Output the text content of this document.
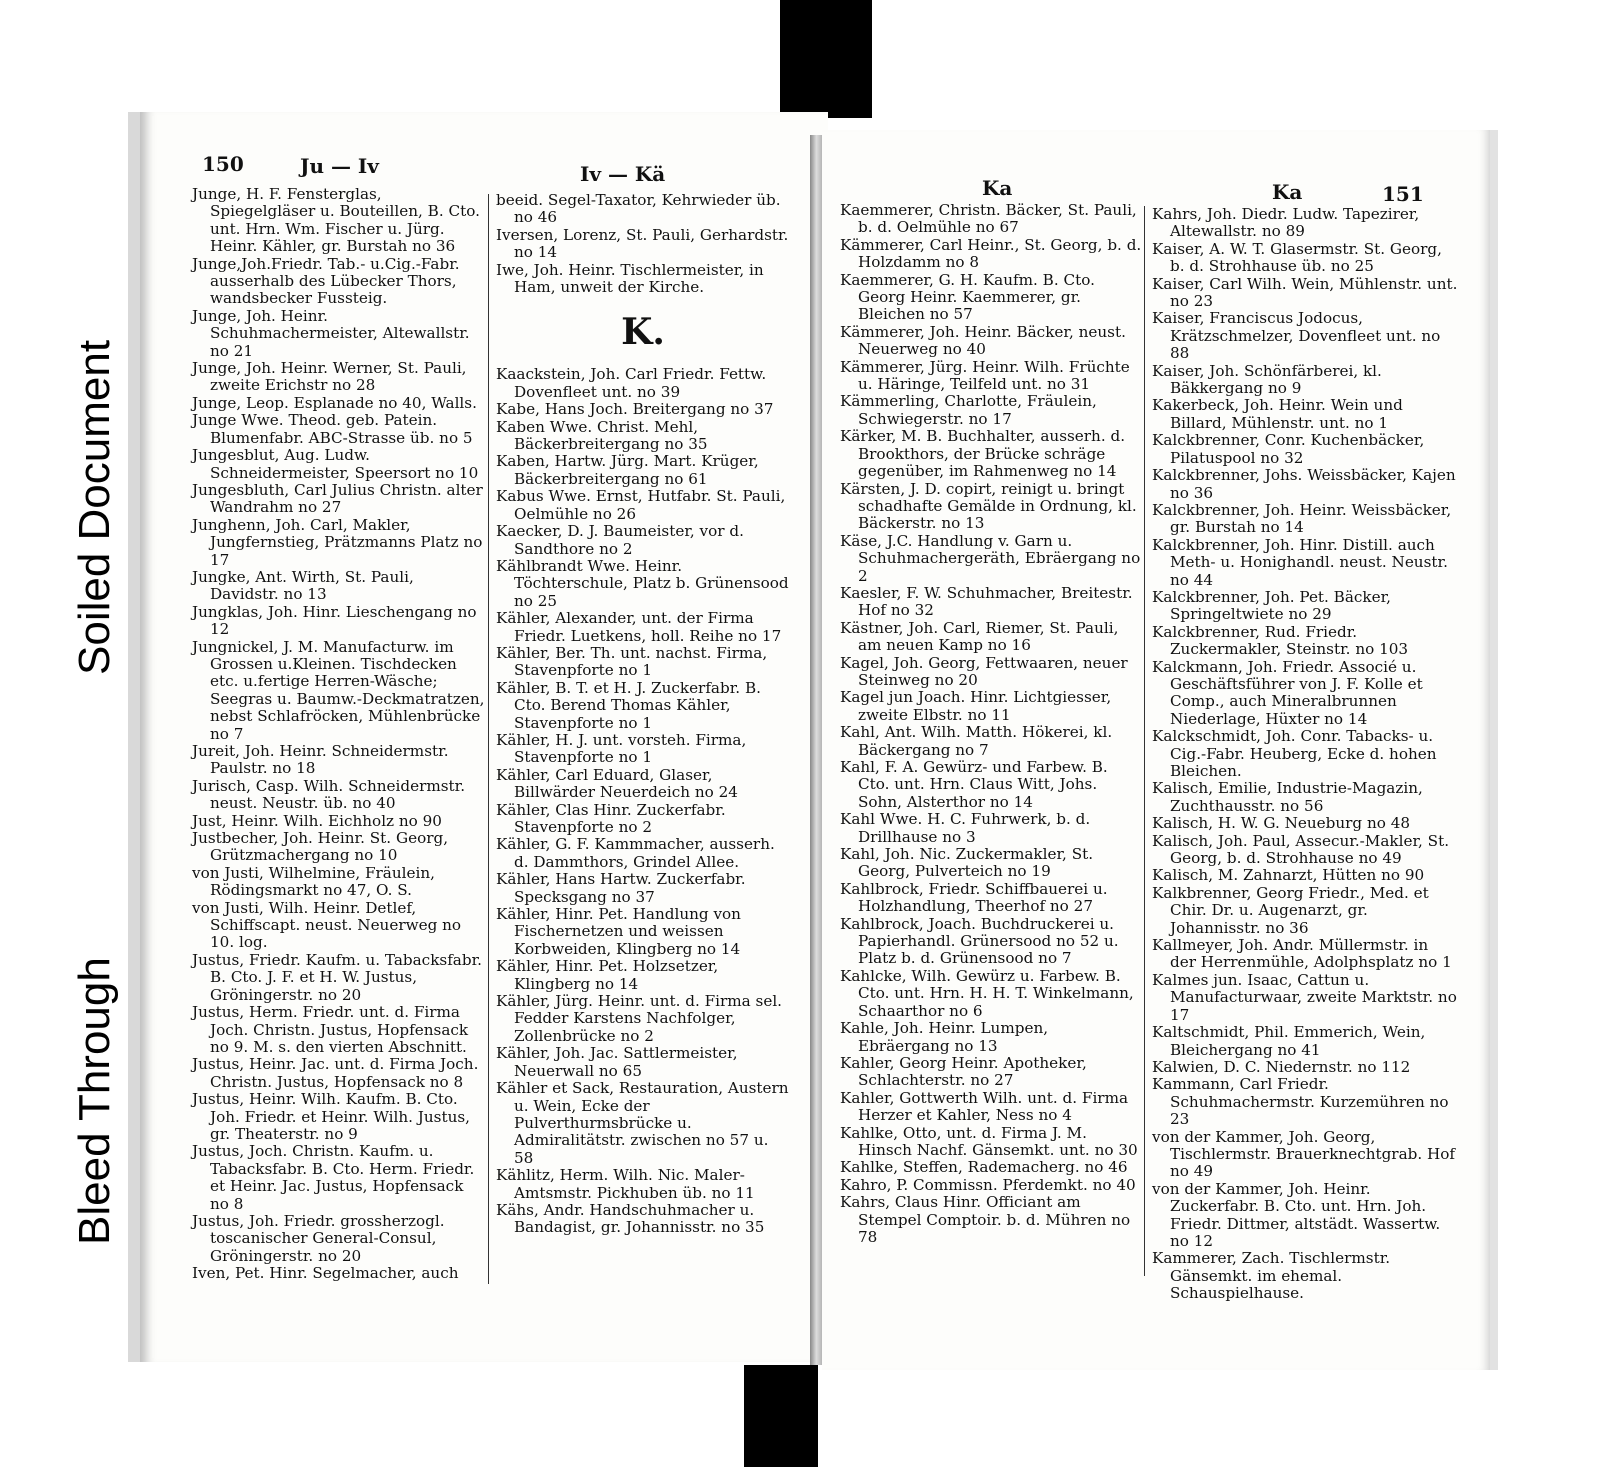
Soiled Document
Bleed Through
150	Ju — Iv	Iv — Kä

Junge, H. F. Fensterglas, Spiegelgläser u. Bouteillen, B. Cto. unt. Hrn. Wm. Fischer u. Jürg. Heinr. Kähler, gr. Burstah no 36

Junge,Joh.Friedr. Tab.- u.Cig.-Fabr. ausserhalb des Lübecker Thors, wandsbecker Fussteig.

Junge, Joh. Heinr. Schuhmachermeister, Altewallstr. no 21

Junge, Joh. Heinr. Werner, St. Pauli, zweite Erichstr no 28

Junge, Leop. Esplanade no 40, Walls.

Junge Wwe. Theod. geb. Patein. Blumenfabr. ABC-Strasse üb. no 5

Jungesblut, Aug. Ludw. Schneidermeister, Speersort no 10

Jungesbluth, Carl Julius Christn. alter Wandrahm no 27

Junghenn, Joh. Carl, Makler, Jungfernstieg, Prätzmanns Platz no 17

Jungke, Ant. Wirth, St. Pauli, Davidstr. no 13

Jungklas, Joh. Hinr. Lieschengang no 12

Jungnickel, J. M. Manufacturw. im Grossen u.Kleinen. Tischdecken etc. u.fertige Herren-Wäsche; Seegras u. Baumw.-Deckmatratzen, nebst Schlafröcken, Mühlenbrücke no 7

Jureit, Joh. Heinr. Schneidermstr. Paulstr. no 18

Jurisch, Casp. Wilh. Schneidermstr. neust. Neustr. üb. no 40

Just, Heinr. Wilh. Eichholz no 90

Justbecher, Joh. Heinr. St. Georg, Grützmachergang no 10

von Justi, Wilhelmine, Fräulein, Rödingsmarkt no 47, O. S.

von Justi, Wilh. Heinr. Detlef, Schiffscapt. neust. Neuerweg no 10. log.

Justus, Friedr. Kaufm. u. Tabacksfabr. B. Cto. J. F. et H. W. Justus, Gröningerstr. no 20

Justus, Herm. Friedr. unt. d. Firma Joch. Christn. Justus, Hopfensack no 9. M. s. den vierten Abschnitt.

Justus, Heinr. Jac. unt. d. Firma Joch. Christn. Justus, Hopfensack no 8

Justus, Heinr. Wilh. Kaufm. B. Cto. Joh. Friedr. et Heinr. Wilh. Justus, gr. Theaterstr. no 9

Justus, Joch. Christn. Kaufm. u. Tabacksfabr. B. Cto. Herm. Friedr. et Heinr. Jac. Justus, Hopfensack no 8

Justus, Joh. Friedr. grossherzogl. toscanischer General-Consul, Gröningerstr. no 20

Iven, Pet. Hinr. Segelmacher, auch

beeid. Segel-Taxator, Kehrwieder üb. no 46

Iversen, Lorenz, St. Pauli, Gerhardstr. no 14

Iwe, Joh. Heinr. Tischlermeister, in Ham, unweit der Kirche.

K.

Kaackstein, Joh. Carl Friedr. Fettw. Dovenfleet unt. no 39

Kabe, Hans Joch. Breitergang no 37

Kaben Wwe. Christ. Mehl, Bäckerbreitergang no 35

Kaben, Hartw. Jürg. Mart. Krüger, Bäckerbreitergang no 61

Kabus Wwe. Ernst, Hutfabr. St. Pauli, Oelmühle no 26

Kaecker, D. J. Baumeister, vor d. Sandthore no 2

Kählbrandt Wwe. Heinr. Töchterschule, Platz b. Grünensood no 25

Kähler, Alexander, unt. der Firma Friedr. Luetkens, holl. Reihe no 17

Kähler, Ber. Th. unt. nachst. Firma, Stavenpforte no 1

Kähler, B. T. et H. J. Zuckerfabr. B. Cto. Berend Thomas Kähler, Stavenpforte no 1

Kähler, H. J. unt. vorsteh. Firma, Stavenpforte no 1

Kähler, Carl Eduard, Glaser, Billwärder Neuerdeich no 24

Kähler, Clas Hinr. Zuckerfabr. Stavenpforte no 2

Kähler, G. F. Kammmacher, ausserh. d. Dammthors, Grindel Allee.

Kähler, Hans Hartw. Zuckerfabr. Specksgang no 37

Kähler, Hinr. Pet. Handlung von Fischernetzen und weissen Korbweiden, Klingberg no 14

Kähler, Hinr. Pet. Holzsetzer, Klingberg no 14

Kähler, Jürg. Heinr. unt. d. Firma sel. Fedder Karstens Nachfolger, Zollenbrücke no 2

Kähler, Joh. Jac. Sattlermeister, Neuerwall no 65

Kähler et Sack, Restauration, Austern u. Wein, Ecke der Pulverthurmsbrücke u. Admiralitätstr. zwischen no 57 u. 58

Kählitz, Herm. Wilh. Nic. Maler-Amtsmstr. Pickhuben üb. no 11

Kähs, Andr. Handschuhmacher u. Bandagist, gr. Johannisstr. no 35

Ka	Ka	151

Kaemmerer, Christn. Bäcker, St. Pauli, b. d. Oelmühle no 67

Kämmerer, Carl Heinr., St. Georg, b. d. Holzdamm no 8

Kaemmerer, G. H. Kaufm. B. Cto. Georg Heinr. Kaemmerer, gr. Bleichen no 57

Kämmerer, Joh. Heinr. Bäcker, neust. Neuerweg no 40

Kämmerer, Jürg. Heinr. Wilh. Früchte u. Häringe, Teilfeld unt. no 31

Kämmerling, Charlotte, Fräulein, Schwiegerstr. no 17

Kärker, M. B. Buchhalter, ausserh. d. Brookthors, der Brücke schräge gegenüber, im Rahmenweg no 14

Kärsten, J. D. copirt, reinigt u. bringt schadhafte Gemälde in Ordnung, kl. Bäckerstr. no 13

Käse, J.C. Handlung v. Garn u. Schuhmachergeräth, Ebräergang no 2

Kaesler, F. W. Schuhmacher, Breitestr. Hof no 32

Kästner, Joh. Carl, Riemer, St. Pauli, am neuen Kamp no 16

Kagel, Joh. Georg, Fettwaaren, neuer Steinweg no 20

Kagel jun Joach. Hinr. Lichtgiesser, zweite Elbstr. no 11

Kahl, Ant. Wilh. Matth. Hökerei, kl. Bäckergang no 7

Kahl, F. A. Gewürz- und Farbew. B. Cto. unt. Hrn. Claus Witt, Johs. Sohn, Alsterthor no 14

Kahl Wwe. H. C. Fuhrwerk, b. d. Drillhause no 3

Kahl, Joh. Nic. Zuckermakler, St. Georg, Pulverteich no 19

Kahlbrock, Friedr. Schiffbauerei u. Holzhandlung, Theerhof no 27

Kahlbrock, Joach. Buchdruckerei u. Papierhandl. Grünersood no 52 u. Platz b. d. Grünensood no 7

Kahlcke, Wilh. Gewürz u. Farbew. B. Cto. unt. Hrn. H. H. T. Winkelmann, Schaarthor no 6

Kahle, Joh. Heinr. Lumpen, Ebräergang no 13

Kahler, Georg Heinr. Apotheker, Schlachterstr. no 27

Kahler, Gottwerth Wilh. unt. d. Firma Herzer et Kahler, Ness no 4

Kahlke, Otto, unt. d. Firma J. M. Hinsch Nachf. Gänsemkt. unt. no 30

Kahlke, Steffen, Rademacherg. no 46

Kahro, P. Commissn. Pferdemkt. no 40

Kahrs, Claus Hinr. Officiant am Stempel Comptoir. b. d. Mühren no 78

Kahrs, Joh. Diedr. Ludw. Tapezirer, Altewallstr. no 89

Kaiser, A. W. T. Glasermstr. St. Georg, b. d. Strohhause üb. no 25

Kaiser, Carl Wilh. Wein, Mühlenstr. unt. no 23

Kaiser, Franciscus Jodocus, Krätzschmelzer, Dovenfleet unt. no 88

Kaiser, Joh. Schönfärberei, kl. Bäkkergang no 9

Kakerbeck, Joh. Heinr. Wein und Billard, Mühlenstr. unt. no 1

Kalckbrenner, Conr. Kuchenbäcker, Pilatuspool no 32

Kalckbrenner, Johs. Weissbäcker, Kajen no 36

Kalckbrenner, Joh. Heinr. Weissbäcker, gr. Burstah no 14

Kalckbrenner, Joh. Hinr. Distill. auch Meth- u. Honighandl. neust. Neustr. no 44

Kalckbrenner, Joh. Pet. Bäcker, Springeltwiete no 29

Kalckbrenner, Rud. Friedr. Zuckermakler, Steinstr. no 103

Kalckmann, Joh. Friedr. Associé u. Geschäftsführer von J. F. Kolle et Comp., auch Mineralbrunnen Niederlage, Hüxter no 14

Kalckschmidt, Joh. Conr. Tabacks- u. Cig.-Fabr. Heuberg, Ecke d. hohen Bleichen.

Kalisch, Emilie, Industrie-Magazin, Zuchthausstr. no 56

Kalisch, H. W. G. Neueburg no 48

Kalisch, Joh. Paul, Assecur.-Makler, St. Georg, b. d. Strohhause no 49

Kalisch, M. Zahnarzt, Hütten no 90

Kalkbrenner, Georg Friedr., Med. et Chir. Dr. u. Augenarzt, gr. Johannisstr. no 36

Kallmeyer, Joh. Andr. Müllermstr. in der Herrenmühle, Adolphsplatz no 1

Kalmes jun. Isaac, Cattun u. Manufacturwaar, zweite Marktstr. no 17

Kaltschmidt, Phil. Emmerich, Wein, Bleichergang no 41

Kalwien, D. C. Niedernstr. no 112

Kammann, Carl Friedr. Schuhmachermstr. Kurzemühren no 23

von der Kammer, Joh. Georg, Tischlermstr. Brauerknechtgrab. Hof no 49

von der Kammer, Joh. Heinr. Zuckerfabr. B. Cto. unt. Hrn. Joh. Friedr. Dittmer, altstädt. Wassertw. no 12

Kammerer, Zach. Tischlermstr. Gänsemkt. im ehemal. Schauspielhause.
